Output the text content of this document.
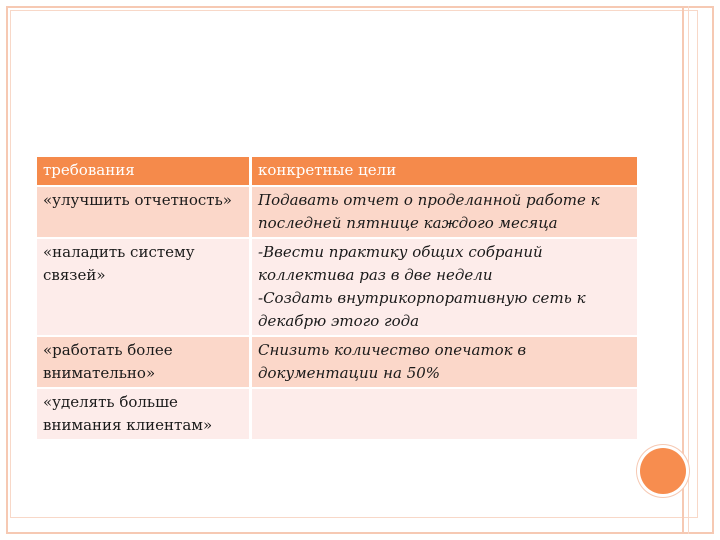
требования	конкретные цели

«улучшить отчетность»	Подавать отчет о проделанной работе к
последней пятнице каждого месяца

«наладить систему
связей»	-Ввести практику общих собраний
коллектива раз в две недели
-Создать внутрикорпоративную сеть к
декабрю этого года

«работать более
внимательно»	Снизить количество опечаток в
документации на 50%

«уделять больше
внимания клиентам»	
